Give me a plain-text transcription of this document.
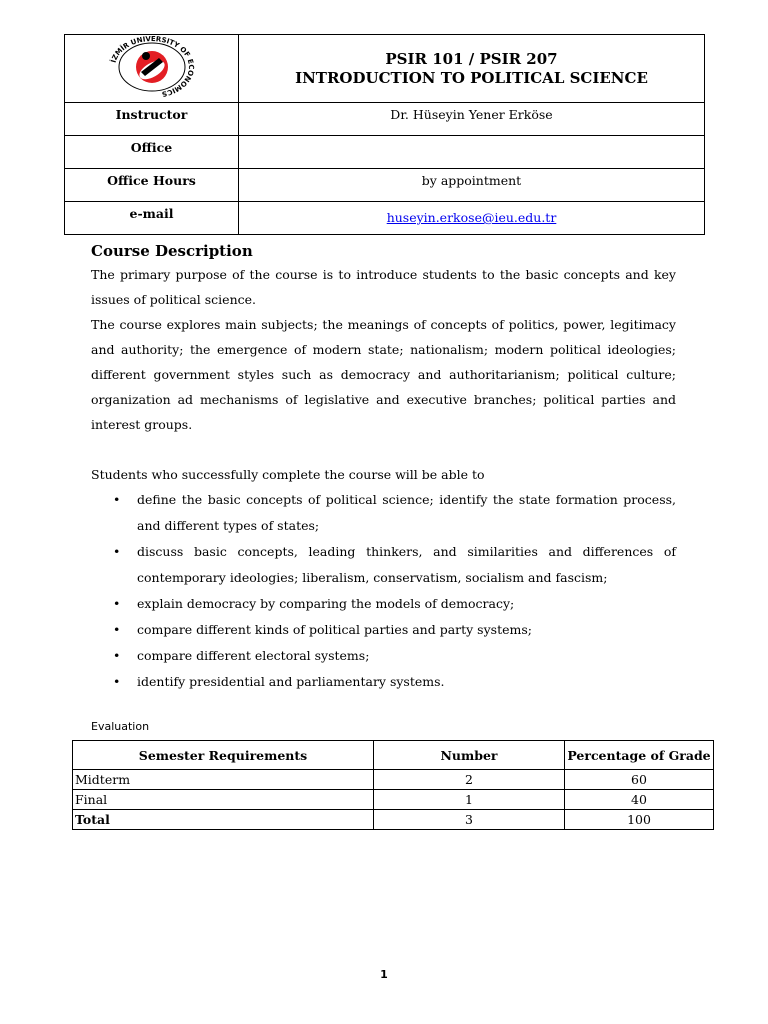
İZMİR UNIVERSITY OF ECONOMICS	PSIR 101 / PSIR 207
INTRODUCTION TO POLITICAL SCIENCE

Instructor	Dr. Hüseyin Yener Erköse
Office	
Office Hours	by appointment
e-mail	huseyin.erkose@ieu.edu.tr
Course Description

The primary purpose of the course is to introduce students to the basic concepts and key issues of political science.

The course explores main subjects; the meanings of concepts of politics, power, legitimacy and authority; the emergence of modern state; nationalism; modern political ideologies; different government styles such as democracy and authoritarianism; political culture; organization ad mechanisms of legislative and executive branches; political parties and interest groups.

Students who successfully complete the course will be able to

• define the basic concepts of political science; identify the state formation process, and different types of states;
• discuss basic concepts, leading thinkers, and similarities and differences of contemporary ideologies; liberalism, conservatism, socialism and fascism;
• explain democracy by comparing the models of democracy;
• compare different kinds of political parties and party systems;
• compare different electoral systems;
• identify presidential and parliamentary systems.
Evaluation
Semester Requirements	Number	Percentage of Grade
Midterm	2	60
Final	1	40
Total	3	100
1
